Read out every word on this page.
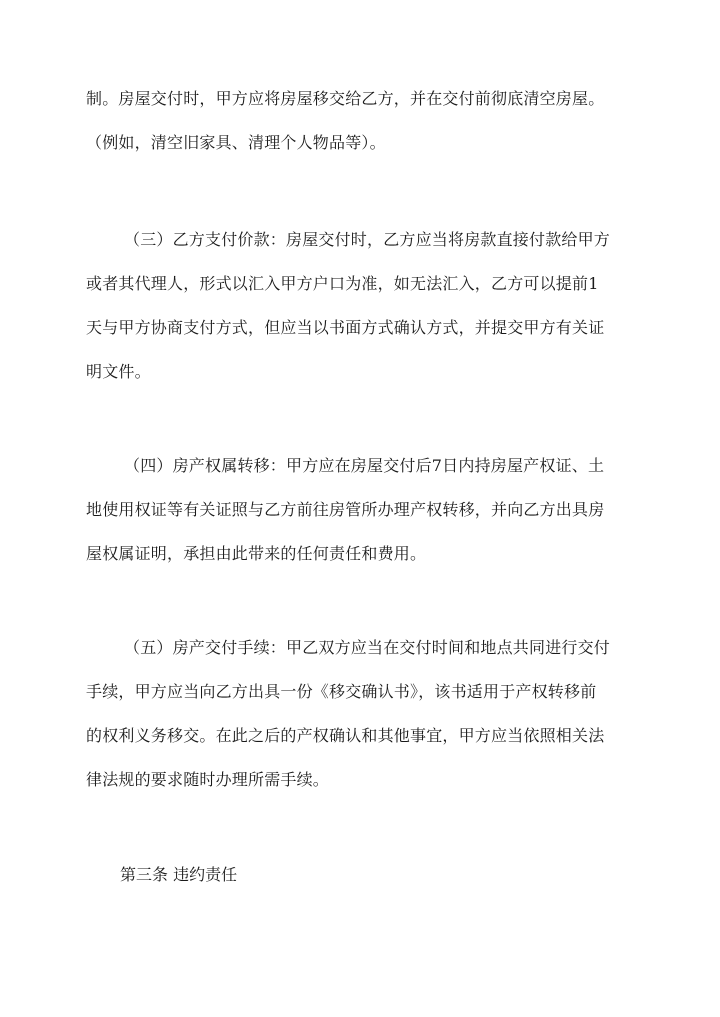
制。房屋交付时，甲方应将房屋移交给乙方，并在交付前彻底清空房屋。
（例如，清空旧家具、清理个人物品等）。

（三）乙方支付价款：房屋交付时，乙方应当将房款直接付款给甲方
或者其代理人，形式以汇入甲方户口为准，如无法汇入，乙方可以提前1
天与甲方协商支付方式，但应当以书面方式确认方式，并提交甲方有关证
明文件。

（四）房产权属转移：甲方应在房屋交付后7日内持房屋产权证、土
地使用权证等有关证照与乙方前往房管所办理产权转移，并向乙方出具房
屋权属证明，承担由此带来的任何责任和费用。

（五）房产交付手续：甲乙双方应当在交付时间和地点共同进行交付
手续，甲方应当向乙方出具一份《移交确认书》，该书适用于产权转移前
的权利义务移交。在此之后的产权确认和其他事宜，甲方应当依照相关法
律法规的要求随时办理所需手续。

第三条 违约责任
